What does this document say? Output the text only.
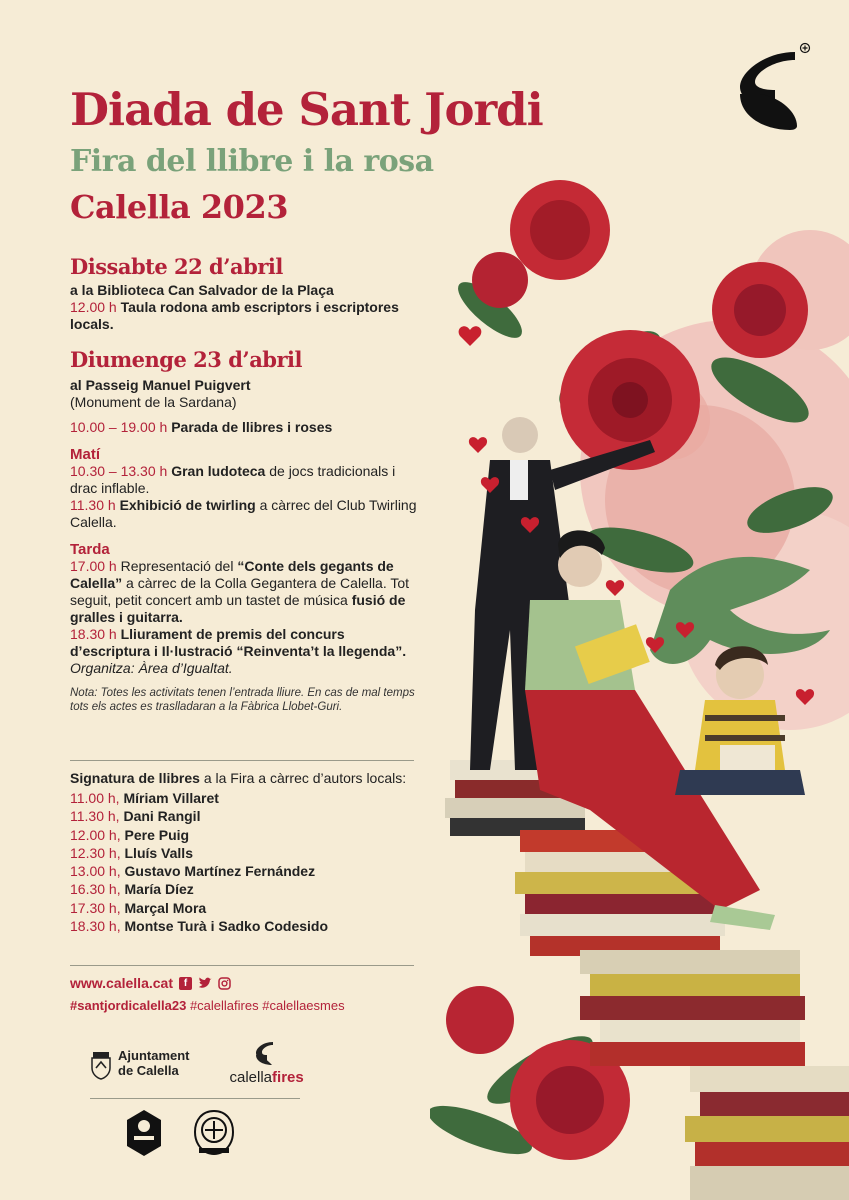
Diada de Sant Jordi
Fira del llibre i la rosa
Calella 2023
Dissabte 22 d’abril
a la Biblioteca Can Salvador de la Plaça
12.00 h Taula rodona amb escriptors i escriptores locals.
Diumenge 23 d’abril
al Passeig Manuel Puigvert
(Monument de la Sardana)
10.00 – 19.00 h Parada de llibres i roses
Matí
10.30 – 13.30 h Gran ludoteca de jocs tradicionals i drac inflable.
11.30 h Exhibició de twirling a càrrec del Club Twirling Calella.
Tarda
17.00 h Representació del “Conte dels gegants de Calella” a càrrec de la Colla Gegantera de Calella. Tot seguit, petit concert amb un tastet de música fusió de gralles i guitarra.
18.30 h Lliurament de premis del concurs d’escriptura i Il·lustració “Reinventa’t la llegenda”. Organitza: Àrea d’Igualtat.
Nota: Totes les activitats tenen l’entrada lliure. En cas de mal temps tots els actes es traslladaran a la Fàbrica Llobet-Guri.
Signatura de llibres a la Fira a càrrec d’autors locals:
11.00 h, Míriam Villaret
11.30 h, Dani Rangil
12.00 h, Pere Puig
12.30 h, Lluís Valls
13.00 h, Gustavo Martínez Fernández
16.30 h, María Díez
17.30 h, Marçal Mora
18.30 h, Montse Turà i Sadko Codesido
www.calella.cat	f
#santjordicalella23 #calellafires #calellaesmes
Ajuntament
de Calella	calellafires
